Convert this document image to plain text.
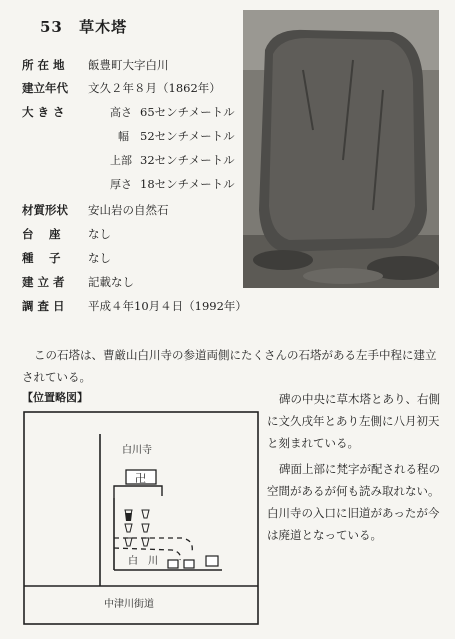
53 草木塔
所 在 地	飯豊町大字白川
建立年代	文久２年８月（1862年）
大 き さ	高さ 65センチメートル
幅 52センチメートル
上部 32センチメートル
厚さ 18センチメートル
材質形状	安山岩の自然石
台　 座	なし
種　 子	なし
建 立 者	記載なし
調 査 日	平成４年10月４日（1992年）
この石塔は、曹厳山白川寺の参道両側にたくさんの石塔がある左手中程に建立されている。
【位置略図】	碑の中央に草木塔とあり、右側に文久戌年とあり左側に八月初天と刻まれている。

碑面上部に梵字が配される程の空間があるが何も読み取れない。白川寺の入口に旧道があったが今は廃道となっている。

白川寺
卍
白　川
中津川街道
